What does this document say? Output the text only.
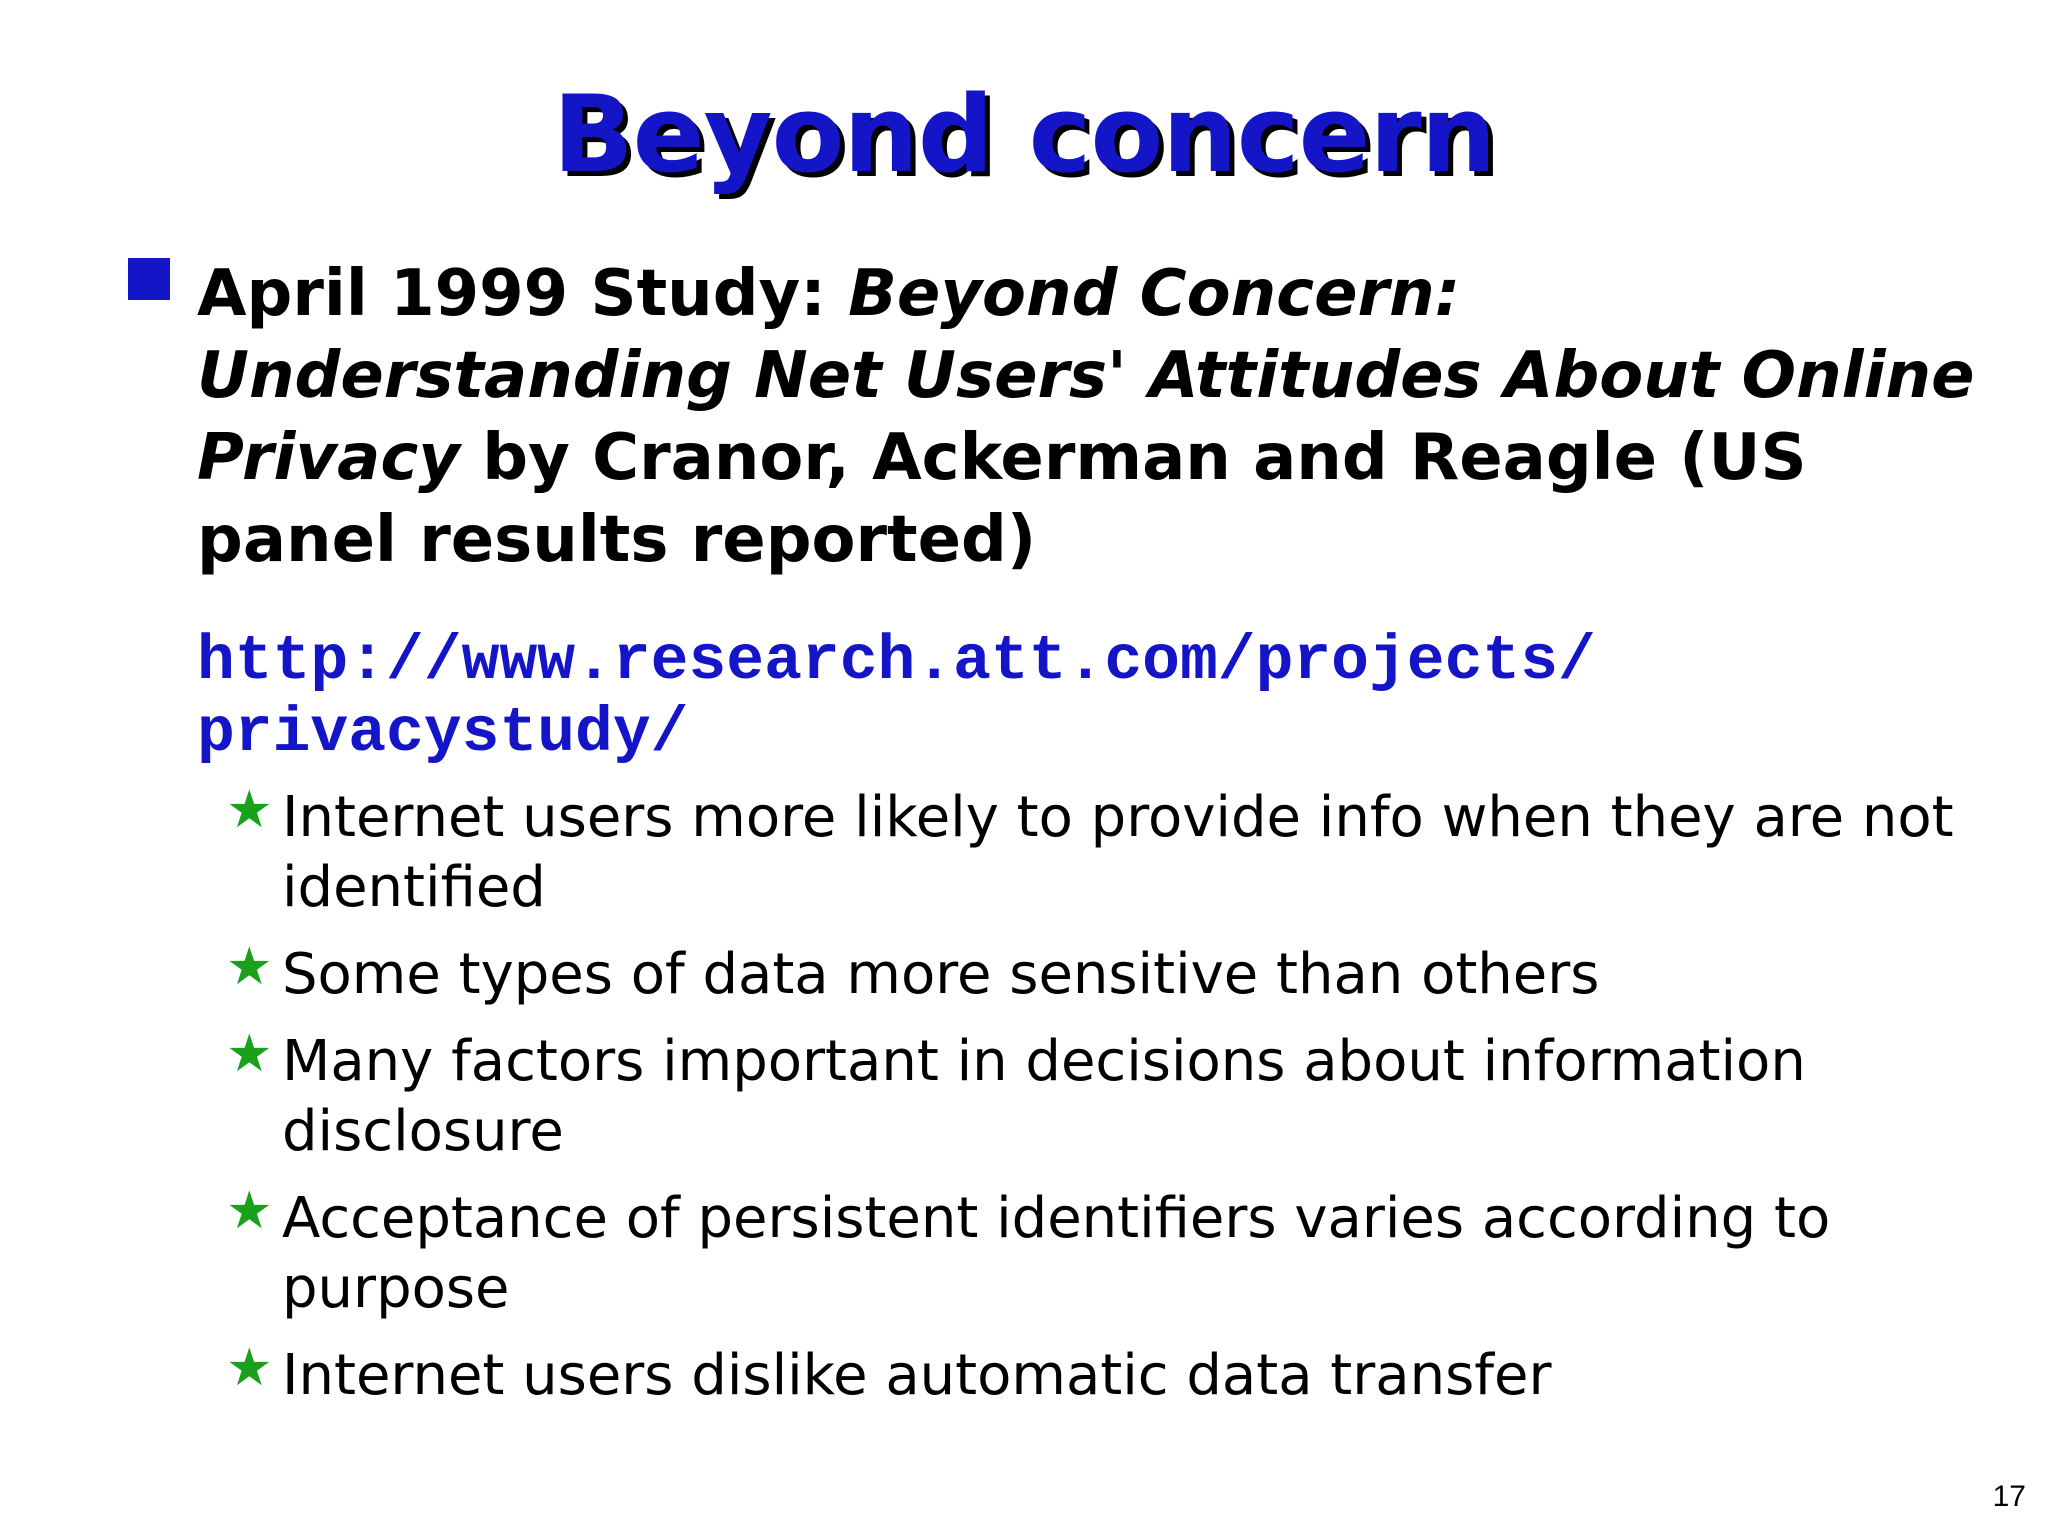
Beyond concern
April 1999 Study: Beyond Concern: Understanding Net Users' Attitudes About Online Privacy by Cranor, Ackerman and Reagle (US panel results reported)
http://www.research.att.com/projects/
privacystudy/
★ Internet users more likely to provide info when they are not identified
★ Some types of data more sensitive than others
★ Many factors important in decisions about information disclosure
★ Acceptance of persistent identifiers varies according to purpose
★ Internet users dislike automatic data transfer
17
